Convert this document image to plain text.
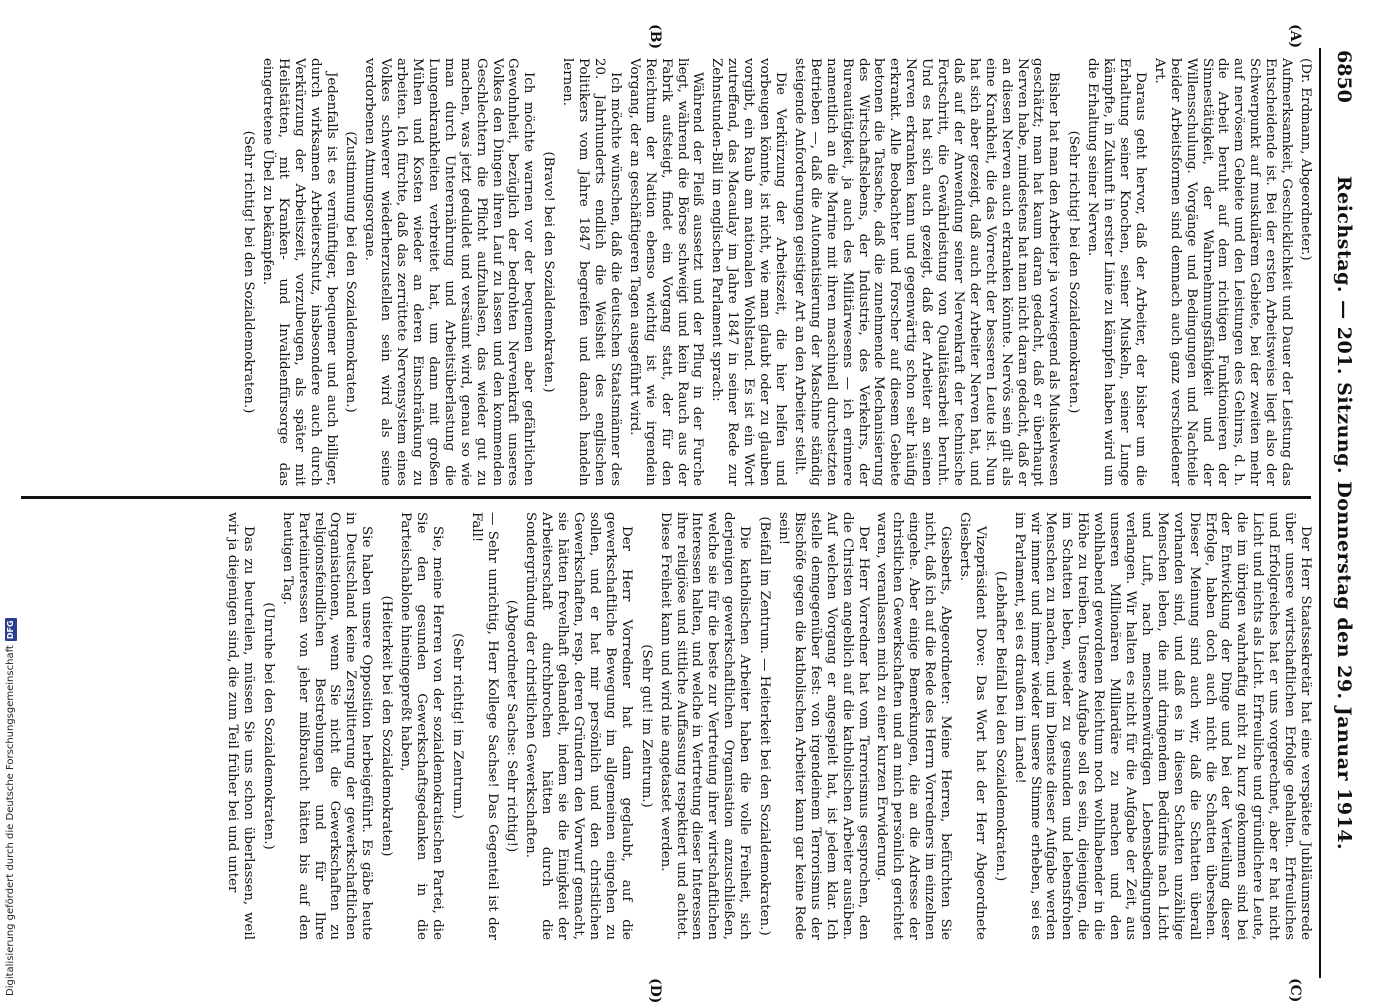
6850
Reichstag. — 201. Sitzung. Donnerstag den 29. Januar 1914.
(A)
(B)
(C)
(D)

(Dr. Erdmann, Abgeordneter.)

Aufmerksamkeit, Geschicklichkeit und Dauer der Leistung das Entscheidende ist. Bei der ersten Arbeitsweise liegt also der Schwerpunkt auf muskulärem Gebiete, bei der zweiten mehr auf nervösem Gebiete und den Leistungen des Gehirns, d. h. die Arbeit beruht auf dem richtigen Funktionieren der Sinnestätigkeit, der Wahrnehmungsfähigkeit und der Willensschulung. Vorgänge und Bedingungen und Nachteile beider Arbeitsformen sind demnach auch ganz verschiedener Art.

Daraus geht hervor, daß der Arbeiter, der bisher um die Erhaltung seiner Knochen, seiner Muskeln, seiner Lunge kämpfte, in Zukunft in erster Linie zu kämpfen haben wird um die Erhaltung seiner Nerven.

(Sehr richtig! bei den Sozialdemokraten.)

Bisher hat man den Arbeiter ja vorwiegend als Muskelwesen geschätzt; man hat kaum daran gedacht, daß er überhaupt Nerven habe, mindestens hat man nicht daran gedacht, daß er an diesen Nerven auch erkranken könnte. Nervös sein gilt als eine Krankheit, die das Vorrecht der besseren Leute ist. Nun hat sich aber gezeigt, daß auch der Arbeiter Nerven hat, und daß auf der Anwendung seiner Nervenkraft der technische Fortschritt, die Gewährleistung von Qualitätsarbeit beruht. Und es hat sich auch gezeigt, daß der Arbeiter an seinen Nerven erkranken kann und gegenwärtig schon sehr häufig erkrankt. Alle Beobachter und Forscher auf diesem Gebiete betonen die Tatsache, daß die zunehmende Mechanisierung des Wirtschaftslebens, der Industrie, des Verkehrs, der Bureautätigkeit, ja auch des Militärwesens — ich erinnere namentlich an die Marine mit ihren maschinell durchsetzten Betrieben —, daß die Automatisierung der Maschine ständig steigende Anforderungen geistiger Art an den Arbeiter stellt.

Die Verkürzung der Arbeitszeit, die hier helfen und vorbeugen könnte, ist nicht, wie man glaubt oder zu glauben vorgibt, ein Raub am nationalen Wohlstand. Es ist ein Wort zutreffend, das Macaulay im Jahre 1847 in seiner Rede zur Zehnstunden-Bill im englischen Parlament sprach:

Während der Fleiß aussetzt und der Pflug in der Furche liegt, während die Börse schweigt und kein Rauch aus der Fabrik aufsteigt, findet ein Vorgang statt, der für den Reichtum der Nation ebenso wichtig ist wie irgendein Vorgang, der an geschäftigeren Tagen ausgeführt wird.

Ich möchte wünschen, daß die deutschen Staatsmänner des 20. Jahrhunderts endlich die Weisheit des englischen Politikers vom Jahre 1847 begreifen und danach handeln lernen.

(Bravo! bei den Sozialdemokraten.)

Ich möchte warnen vor der bequemen aber gefährlichen Gewohnheit, bezüglich der bedrohten Nervenkraft unseres Volkes den Dingen ihren Lauf zu lassen und den kommenden Geschlechtern die Pflicht aufzuhalsen, das wieder gut zu machen, was jetzt geduldet und versäumt wird, genau so wie man durch Unterernährung und Arbeitsüberlastung die Lungenkrankheiten verbreitet hat, um dann mit großen Mühen und Kosten wieder an deren Einschränkung zu arbeiten. Ich fürchte, daß das zerrüttete Nervensystem eines Volkes schwerer wiederherzustellen sein wird als seine verdorbenen Atmungsorgane.

(Zustimmung bei den Sozialdemokraten.)

Jedenfalls ist es vernünftiger, bequemer und auch billiger, durch wirksamen Arbeiterschutz, insbesondere auch durch Verkürzung der Arbeitszeit, vorzubeugen, als später mit Heilstätten, mit Kranken- und Invalidenfürsorge das eingetretene Übel zu bekämpfen.

(Sehr richtig! bei den Sozialdemokraten.)

Der Herr Staatssekretär hat eine verspätete Jubiläumsrede über unsere wirtschaftlichen Erfolge gehalten. Erfreuliches und Erfolgreiches hat er uns vorgerechnet, aber er hat nicht Licht und nichts als Licht. Erfreuliche und gründlichere Leute, die im übrigen wahrhaftig nicht zu kurz gekommen sind bei der Entwicklung der Dinge und bei der Verteilung dieser Erfolge, haben doch auch nicht die Schatten übersehen. Dieser Meinung sind auch wir, daß die Schatten überall vorhanden sind, und daß es in diesen Schatten unzählige Menschen leben, die mit dringendem Bedürfnis nach Licht und Luft, nach menschenwürdigen Lebensbedingungen verlangen. Wir halten es nicht für die Aufgabe der Zeit, aus unseren Millionären Milliardäre zu machen und den wohlhabend gewordenen Reichtum noch wohlhabender in die Höhe zu treiben. Unsere Aufgabe soll es sein, diejenigen, die im Schatten leben, wieder zu gesunden und lebensfrohen Menschen zu machen, und im Dienste dieser Aufgabe werden wir immer und immer wieder unsere Stimme erheben, sei es im Parlament, sei es draußen im Lande!

(Lebhafter Beifall bei den Sozialdemokraten.)

Vizepräsident Dove: Das Wort hat der Herr Abgeordnete Giesberts.

Giesberts, Abgeordneter: Meine Herren, befürchten Sie nicht, daß ich auf die Rede des Herrn Vorredners im einzelnen eingehe. Aber einige Bemerkungen, die an die Adresse der christlichen Gewerkschaften und an mich persönlich gerichtet waren, veranlassen mich zu einer kurzen Erwiderung.

Der Herr Vorredner hat vom Terrorismus gesprochen, den die Christen angeblich auf die katholischen Arbeiter ausüben. Auf welchen Vorgang er angespielt hat, ist jedem klar. Ich stelle demgegenüber fest: von irgendeinem Terrorismus der Bischöfe gegen die katholischen Arbeiter kann gar keine Rede sein!

(Beifall im Zentrum. — Heiterkeit bei den Sozialdemokraten.)

Die katholischen Arbeiter haben die volle Freiheit, sich derjenigen gewerkschaftlichen Organisation anzuschließen, welche sie für die beste zur Vertretung ihrer wirtschaftlichen Interessen halten, und welche in Vertretung dieser Interessen ihre religiöse und sittliche Auffassung respektiert und achtet. Diese Freiheit kann und wird nie angetastet werden.

(Sehr gut! im Zentrum.)

Der Herr Vorredner hat dann geglaubt, auf die gewerkschaftliche Bewegung im allgemeinen eingehen zu sollen, und er hat mir persönlich und den christlichen Gewerkschaften, resp. deren Gründern den Vorwurf gemacht, sie hätten frevelhaft gehandelt, indem sie die Einigkeit der Arbeiterschaft durchbrochen hätten durch die Sondergründung der christlichen Gewerkschaften.

(Abgeordneter Sachse: Sehr richtig!)

— Sehr unrichtig, Herr Kollege Sachse! Das Gegenteil ist der Fall!

(Sehr richtig! im Zentrum.)

Sie, meine Herren von der sozialdemokratischen Partei, die Sie den gesunden Gewerkschaftsgedanken in die Parteischablone hineingepreßt haben,

(Heiterkeit bei den Sozialdemokraten)

Sie haben unsere Opposition herbeigeführt. Es gäbe heute in Deutschland keine Zersplitterung der gewerkschaftlichen Organisationen, wenn Sie nicht die Gewerkschaften zu religionsfeindlichen Bestrebungen und für Ihre Parteiinteressen von jeher mißbraucht hätten bis auf den heutigen Tag.

(Unruhe bei den Sozialdemokraten.)

Das zu beurteilen, müssen Sie uns schon überlassen, weil wir ja diejenigen sind, die zum Teil früher bei und unter

Digitalisierung gefördert durch die Deutsche ForschungsgemeinschaftDFG
